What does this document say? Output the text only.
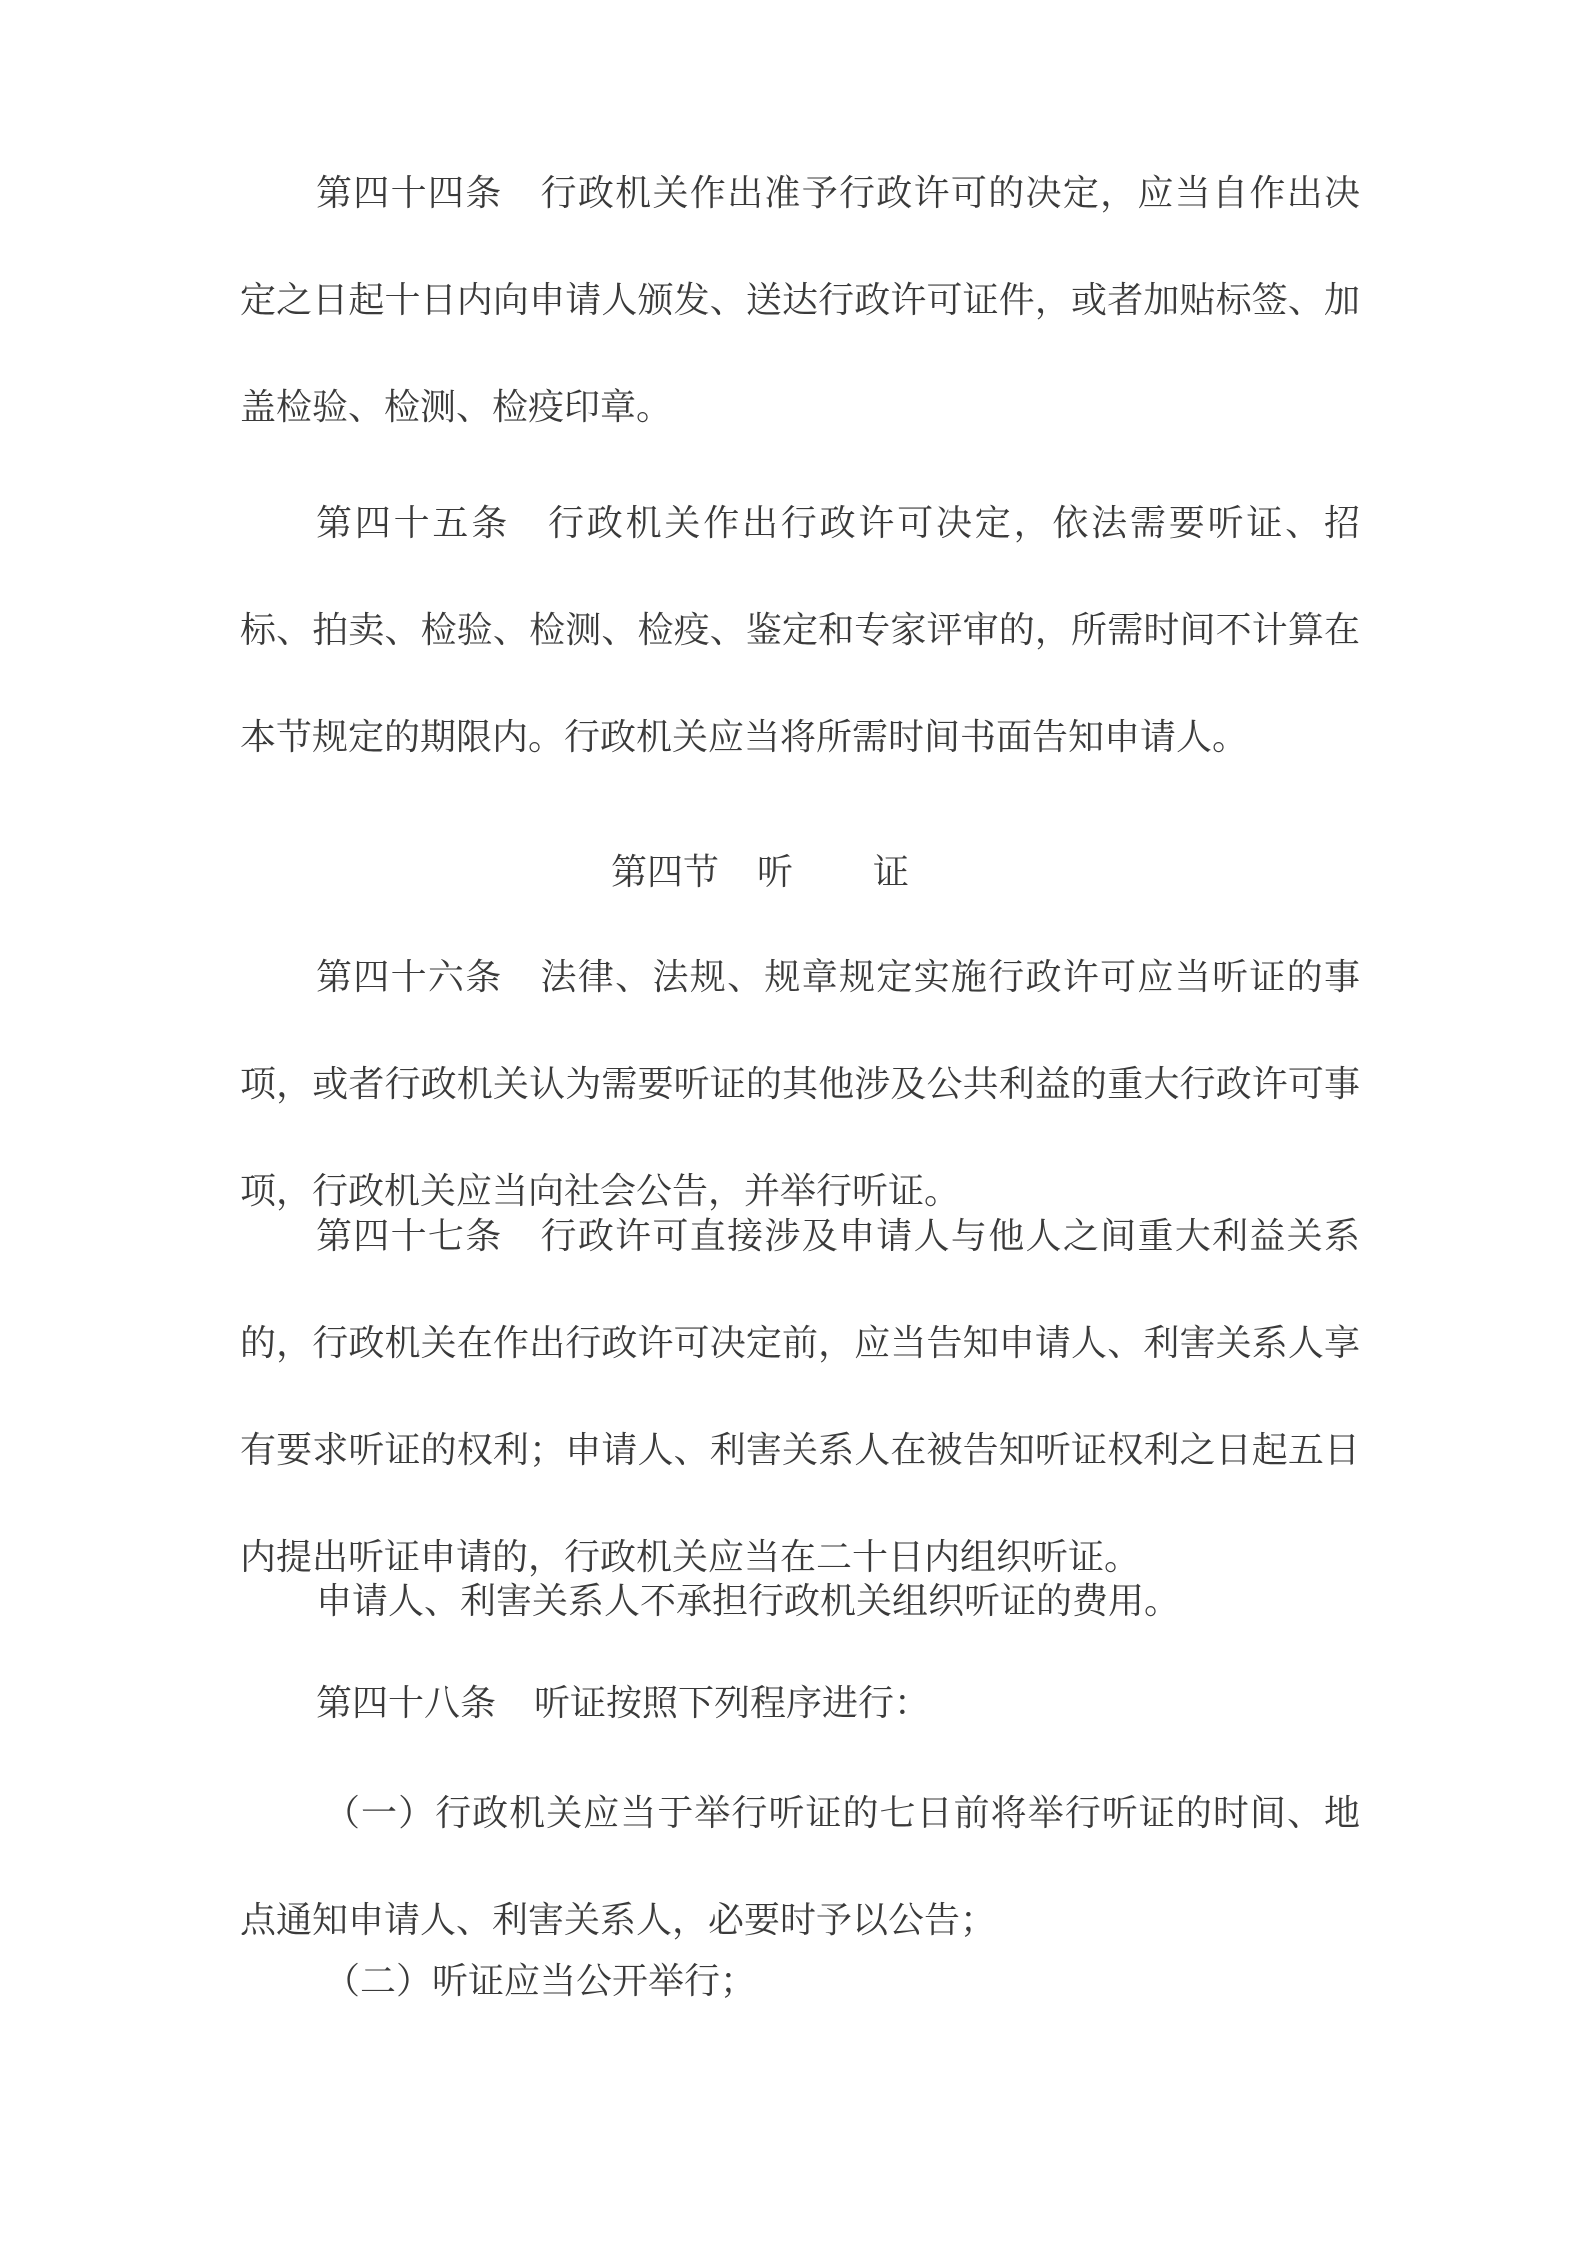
第四十四条 行政机关作出准予行政许可的决定，应当自作出决定之日起十日内向申请人颁发、送达行政许可证件，或者加贴标签、加盖检验、检测、检疫印章。

第四十五条 行政机关作出行政许可决定，依法需要听证、招标、拍卖、检验、检测、检疫、鉴定和专家评审的，所需时间不计算在本节规定的期限内。行政机关应当将所需时间书面告知申请人。

第四节 听证

第四十六条 法律、法规、规章规定实施行政许可应当听证的事项，或者行政机关认为需要听证的其他涉及公共利益的重大行政许可事项，行政机关应当向社会公告，并举行听证。

第四十七条 行政许可直接涉及申请人与他人之间重大利益关系的，行政机关在作出行政许可决定前，应当告知申请人、利害关系人享有要求听证的权利；申请人、利害关系人在被告知听证权利之日起五日内提出听证申请的，行政机关应当在二十日内组织听证。

申请人、利害关系人不承担行政机关组织听证的费用。

第四十八条 听证按照下列程序进行：

（一）行政机关应当于举行听证的七日前将举行听证的时间、地点通知申请人、利害关系人，必要时予以公告；

（二）听证应当公开举行；
